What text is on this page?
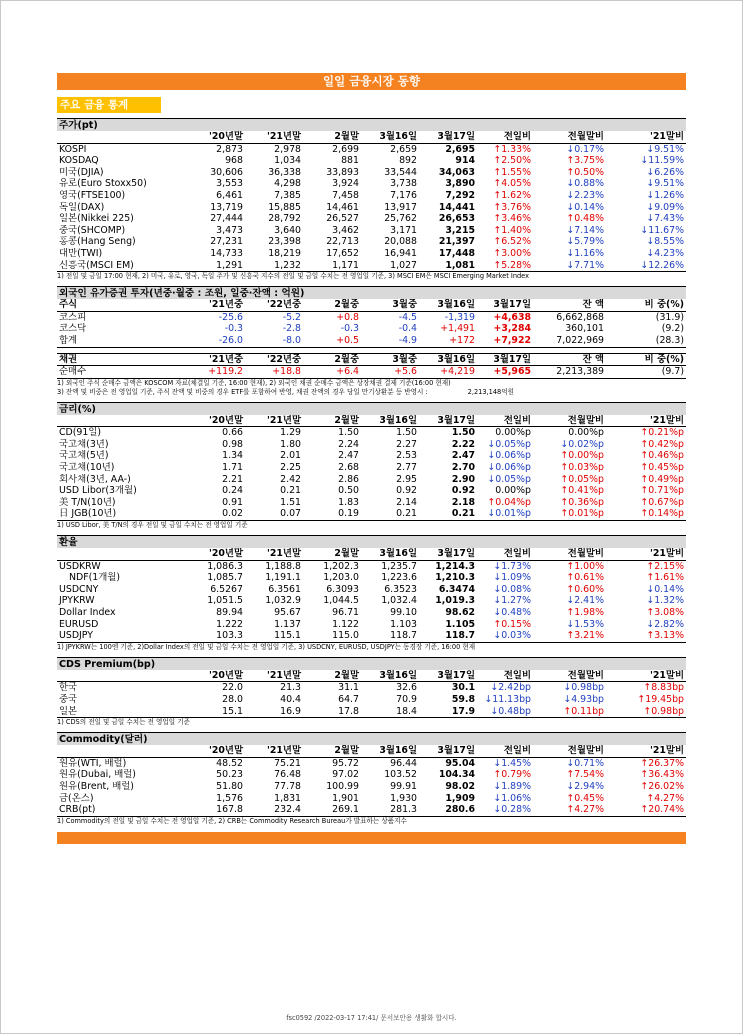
일일 금융시장 동향
주요 금융 통계
주가(pt)
	'20년말	'21년말	2월말	3월16일	3월17일	전일비	전월말비	'21말비
KOSPI	2,873	2,978	2,699	2,659	2,695	↑1.33%	↓0.17%	↓9.51%
KOSDAQ	968	1,034	881	892	914	↑2.50%	↑3.75%	↓11.59%
미국(DJIA)	30,606	36,338	33,893	33,544	34,063	↑1.55%	↑0.50%	↓6.26%
유로(Euro Stoxx50)	3,553	4,298	3,924	3,738	3,890	↑4.05%	↓0.88%	↓9.51%
영국(FTSE100)	6,461	7,385	7,458	7,176	7,292	↑1.62%	↓2.23%	↓1.26%
독일(DAX)	13,719	15,885	14,461	13,917	14,441	↑3.76%	↓0.14%	↓9.09%
일본(Nikkei 225)	27,444	28,792	26,527	25,762	26,653	↑3.46%	↑0.48%	↓7.43%
중국(SHCOMP)	3,473	3,640	3,462	3,171	3,215	↑1.40%	↓7.14%	↓11.67%
홍콩(Hang Seng)	27,231	23,398	22,713	20,088	21,397	↑6.52%	↓5.79%	↓8.55%
대만(TWI)	14,733	18,219	17,652	16,941	17,448	↑3.00%	↓1.16%	↓4.23%
신흥국(MSCI EM)	1,291	1,232	1,171	1,027	1,081	↑5.28%	↓7.71%	↓12.26%
1) 전일 및 금일 17:00 현재, 2) 미국, 유로, 영국, 독일 주가 및 신흥국 지수의 전일 및 금일 수치는 전 영업일 기준, 3) MSCI EM은 MSCI Emerging Market Index
외국인 유가증권 투자(년중·월중 : 조원, 일중·잔액 : 억원)
주식	'21년중	'22년중	2월중	3월중	3월16일	3월17일	잔 액	비 중(%)
코스피	-25.6	-5.2	+0.8	-4.5	-1,319	+4,638	6,662,868	(31.9)
코스닥	-0.3	-2.8	-0.3	-0.4	+1,491	+3,284	360,101	(9.2)
합계	-26.0	-8.0	+0.5	-4.9	+172	+7,922	7,022,969	(28.3)
채권	'21년중	'22년중	2월중	3월중	3월16일	3월17일	잔 액	비 중(%)
순매수	+119.2	+18.8	+6.4	+5.6	+4,219	+5,965	2,213,389	(9.7)
1) 외국인 주식 순매수 금액은 KOSCOM 자료(체결일 기준, 16:00 현재), 2) 외국인 채권 순매수 금액은 상장채권 결제 기준(16:00 현재)
3) 잔액 및 비중은 전 영업일 기준, 주식 잔액 및 비중의 경우 ETF를 포함하여 반영, 채권 잔액의 경우 당일 만기상환분 등 반영시 :	2,213,148억원
금리(%)
	'20년말	'21년말	2월말	3월16일	3월17일	전일비	전월말비	'21말비
CD(91일)	0.66	1.29	1.50	1.50	1.50	0.00%p	0.00%p	↑0.21%p
국고채(3년)	0.98	1.80	2.24	2.27	2.22	↓0.05%p	↓0.02%p	↑0.42%p
국고채(5년)	1.34	2.01	2.47	2.53	2.47	↓0.06%p	↑0.00%p	↑0.46%p
국고채(10년)	1.71	2.25	2.68	2.77	2.70	↓0.06%p	↑0.03%p	↑0.45%p
회사채(3년, AA-)	2.21	2.42	2.86	2.95	2.90	↓0.05%p	↑0.05%p	↑0.49%p
USD Libor(3개월)	0.24	0.21	0.50	0.92	0.92	0.00%p	↑0.41%p	↑0.71%p
美 T/N(10년)	0.91	1.51	1.83	2.14	2.18	↑0.04%p	↑0.36%p	↑0.67%p
日 JGB(10년)	0.02	0.07	0.19	0.21	0.21	↓0.01%p	↑0.01%p	↑0.14%p
1) USD Libor, 美 T/N의 경우 전일 및 금일 수치는 전 영업일 기준
환율
	'20년말	'21년말	2월말	3월16일	3월17일	전일비	전월말비	'21말비
USDKRW	1,086.3	1,188.8	1,202.3	1,235.7	1,214.3	↓1.73%	↑1.00%	↑2.15%
NDF(1개월)	1,085.7	1,191.1	1,203.0	1,223.6	1,210.3	↓1.09%	↑0.61%	↑1.61%
USDCNY	6.5267	6.3561	6.3093	6.3523	6.3474	↓0.08%	↑0.60%	↓0.14%
JPYKRW	1,051.5	1,032.9	1,044.5	1,032.4	1,019.3	↓1.27%	↓2.41%	↓1.32%
Dollar Index	89.94	95.67	96.71	99.10	98.62	↓0.48%	↑1.98%	↑3.08%
EURUSD	1.222	1.137	1.122	1.103	1.105	↑0.15%	↓1.53%	↓2.82%
USDJPY	103.3	115.1	115.0	118.7	118.7	↓0.03%	↑3.21%	↑3.13%
1) JPYKRW는 100엔 기준, 2)Dollar Index의 전일 및 금일 수치는 전 영업일 기준, 3) USDCNY, EURUSD, USDJPY는 동경장 기준, 16:00 현재
CDS Premium(bp)
	'20년말	'21년말	2월말	3월16일	3월17일	전일비	전월말비	'21말비
한국	22.0	21.3	31.1	32.6	30.1	↓2.42bp	↓0.98bp	↑8.83bp
중국	28.0	40.4	64.7	70.9	59.8	↓11.13bp	↓4.93bp	↑19.45bp
일본	15.1	16.9	17.8	18.4	17.9	↓0.48bp	↑0.11bp	↑0.98bp
1) CDS의 전일 및 금일 수치는 전 영업일 기준
Commodity(달러)
	'20년말	'21년말	2월말	3월16일	3월17일	전일비	전월말비	'21말비
원유(WTI, 배럴)	48.52	75.21	95.72	96.44	95.04	↓1.45%	↓0.71%	↑26.37%
원유(Dubai, 배럴)	50.23	76.48	97.02	103.52	104.34	↑0.79%	↑7.54%	↑36.43%
원유(Brent, 배럴)	51.80	77.78	100.99	99.91	98.02	↓1.89%	↓2.94%	↑26.02%
금(온스)	1,576	1,831	1,901	1,930	1,909	↓1.06%	↑0.45%	↑4.27%
CRB(pt)	167.8	232.4	269.1	281.3	280.6	↓0.28%	↑4.27%	↑20.74%
1) Commodity의 전일 및 금일 수치는 전 영업일 기준, 2) CRB는 Commodity Research Bureau가 발표하는 상품지수
fsc0592 /2022-03-17 17:41/ 문서보안용 생활화 합시다.
